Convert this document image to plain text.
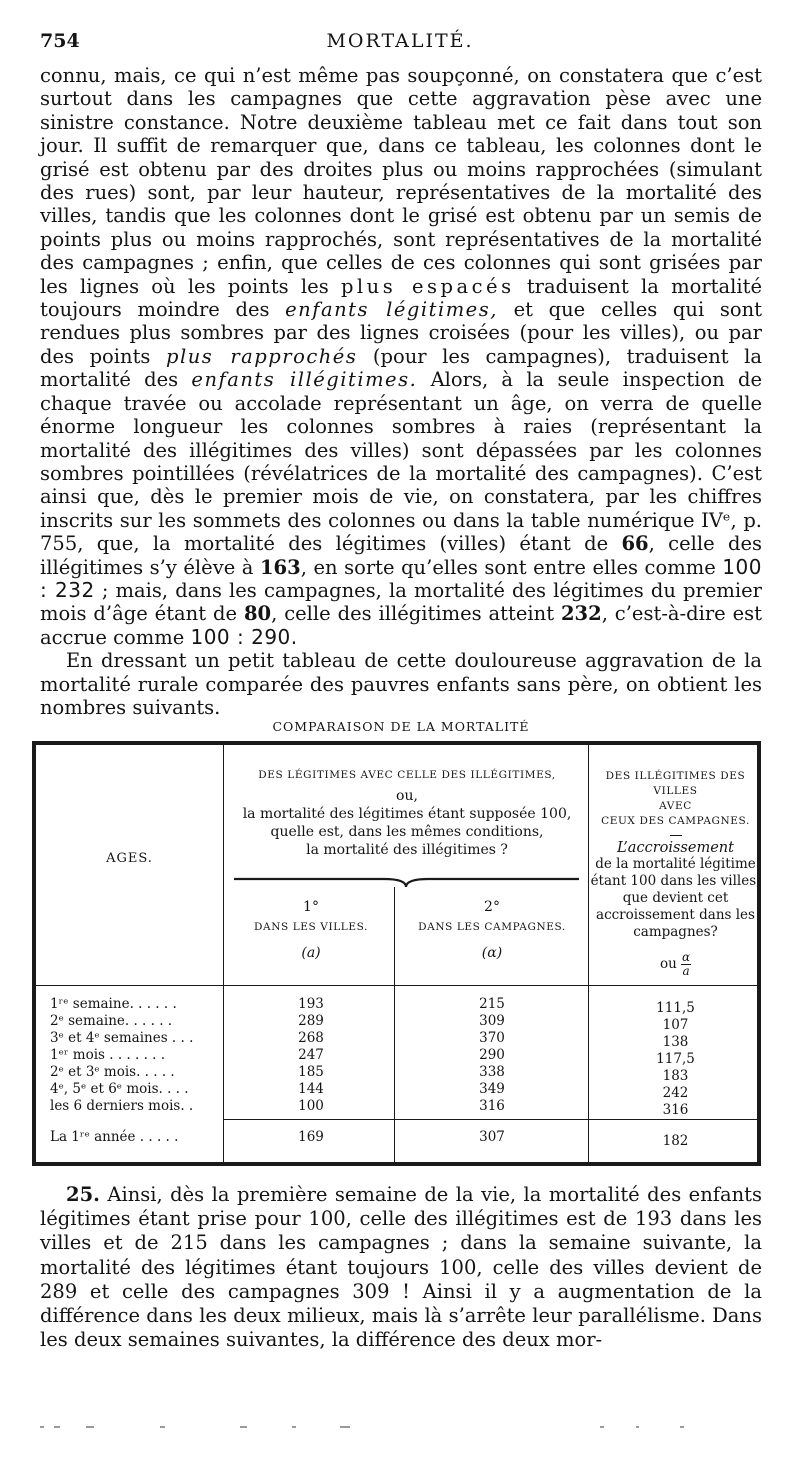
754	MORTALITÉ.

connu, mais, ce qui n’est même pas soupçonné, on constatera que c’est surtout dans les campagnes que cette aggravation pèse avec une sinistre constance. Notre deuxième tableau met ce fait dans tout son jour. Il suffit de remarquer que, dans ce tableau, les colonnes dont le grisé est obtenu par des droites plus ou moins rapprochées (simulant des rues) sont, par leur hauteur, représentatives de la mortalité des villes, tandis que les colonnes dont le grisé est obtenu par un semis de points plus ou moins rapprochés, sont représentatives de la mortalité des campagnes ; enfin, que celles de ces colonnes qui sont grisées par les lignes où les points les plus espacés traduisent la mortalité toujours moindre des enfants légitimes, et que celles qui sont rendues plus sombres par des lignes croisées (pour les villes), ou par des points plus rapprochés (pour les campagnes), traduisent la mortalité des enfants illégitimes. Alors, à la seule inspection de chaque travée ou accolade représentant un âge, on verra de quelle énorme longueur les colonnes sombres à raies (représentant la mortalité des illégitimes des villes) sont dépassées par les colonnes sombres pointillées (révélatrices de la mortalité des campagnes). C’est ainsi que, dès le premier mois de vie, on constatera, par les chiffres inscrits sur les sommets des colonnes ou dans la table numérique IVᵉ, p. 755, que, la mortalité des légitimes (villes) étant de 66, celle des illégitimes s’y élève à 163, en sorte qu’elles sont entre elles comme 100 : 232 ; mais, dans les campagnes, la mortalité des légitimes du premier mois d’âge étant de 80, celle des illégitimes atteint 232, c’est-à-dire est accrue comme 100 : 290.

En dressant un petit tableau de cette douloureuse aggravation de la mortalité rurale comparée des pauvres enfants sans père, on obtient les nombres suivants.

COMPARAISON DE LA MORTALITÉ
AGES.
DES LÉGITIMES AVEC CELLE DES ILLÉGITIMES,
ou,
la mortalité des légitimes étant supposée 100,
quelle est, dans les mêmes conditions,
la mortalité des illégitimes ?
1°
DANS LES VILLES.
(a)
2°
DANS LES CAMPAGNES.
(α)
DES ILLÉGITIMES DES VILLES
AVEC
CEUX DES CAMPAGNES.
L’accroissement
de la mortalité légitime
étant 100 dans les villes,
que devient cet accroissement dans les campagnes?
ou $\frac{\alpha}{a}$
1ʳᵉ semaine. . . . . .	193	215	111,5
2ᵉ semaine. . . . . .	289	309	107
3ᵉ et 4ᵉ semaines . . .	268	370	138
1ᵉʳ mois . . . . . . .	247	290	117,5
2ᵉ et 3ᵉ mois. . . . .	185	338	183
4ᵉ, 5ᵉ et 6ᵉ mois. . . .	144	349	242
les 6 derniers mois. .	100	316	316
La 1ʳᵉ année . . . . .	169	307	182

25. Ainsi, dès la première semaine de la vie, la mortalité des enfants légitimes étant prise pour 100, celle des illégitimes est de 193 dans les villes et de 215 dans les campagnes ; dans la semaine suivante, la mortalité des légitimes étant toujours 100, celle des villes devient de 289 et celle des campagnes 309 ! Ainsi il y a augmentation de la différence dans les deux milieux, mais là s’arrête leur parallélisme. Dans les deux semaines suivantes, la différence des deux mor-
